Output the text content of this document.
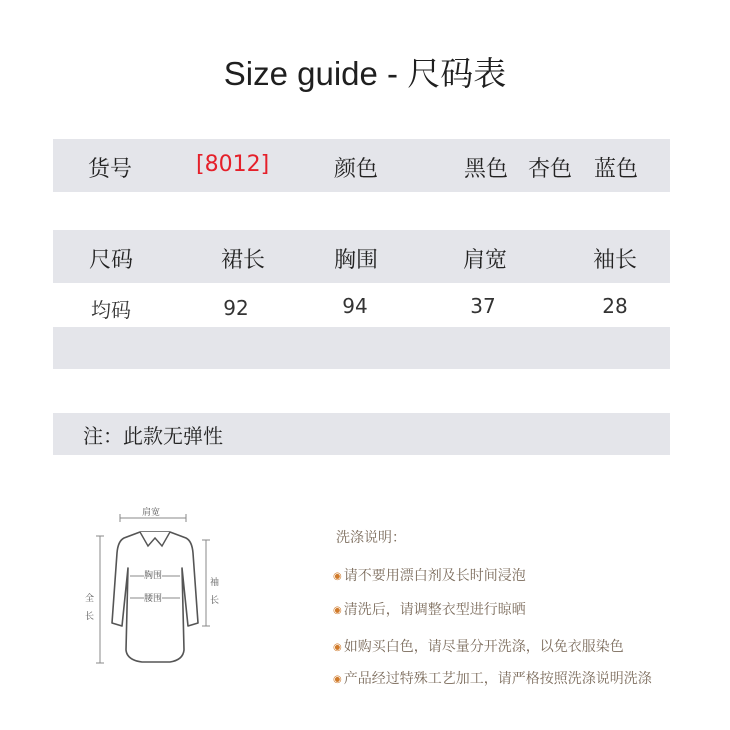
Size guide - 尺码表
货号	[8012]	颜色	黑色 杏色 蓝色
尺码	裙长	胸围	肩宽	袖长
均码	92	94	37	28
注：此款无弹性
肩宽
胸围
腰围
全长
袖长
洗涤说明：
◉ 请不要用漂白剂及长时间浸泡
◉ 清洗后，请调整衣型进行晾晒
◉ 如购买白色，请尽量分开洗涤，以免衣服染色
◉ 产品经过特殊工艺加工，请严格按照洗涤说明洗涤
